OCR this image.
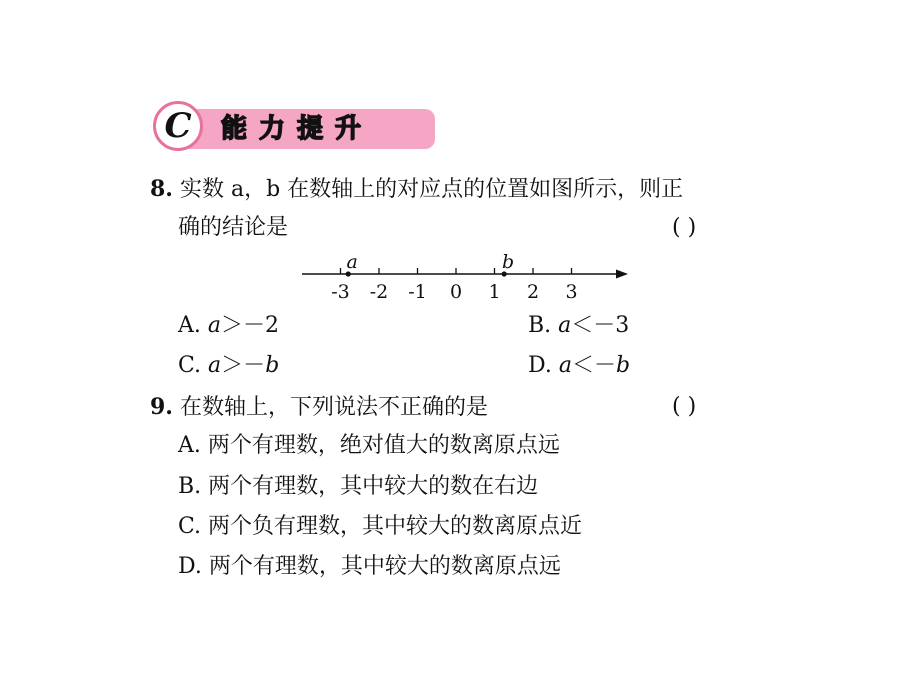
C 能力提升
8. 实数 a，b 在数轴上的对应点的位置如图所示，则正
确的结论是	( )
-3 -2 -1 0 1 2 3
a	b
A. a＞－2	B. a＜－3
C. a＞－b	D. a＜－b
9. 在数轴上，下列说法不正确的是	( )
A. 两个有理数，绝对值大的数离原点远
B. 两个有理数，其中较大的数在右边
C. 两个负有理数，其中较大的数离原点近
D. 两个有理数，其中较大的数离原点远
